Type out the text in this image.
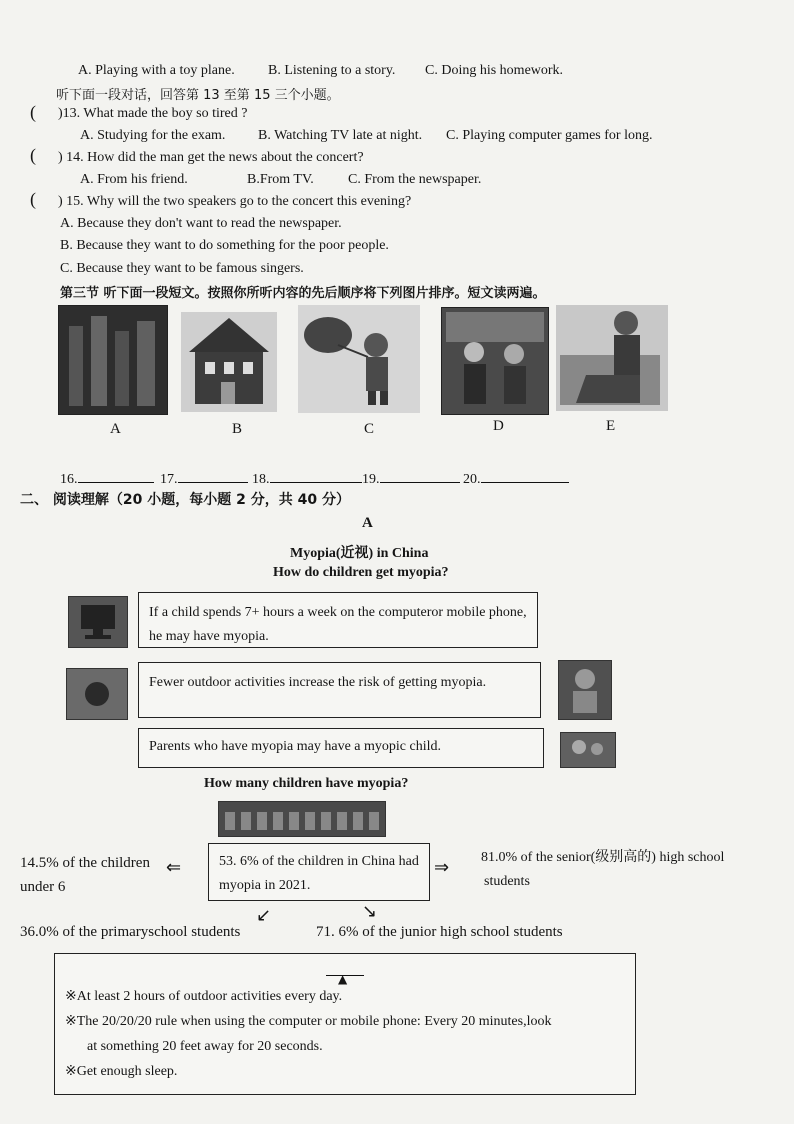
A. Playing with a toy plane. B. Listening to a story. C. Doing his homework.
听下面一段对话，回答第 13 至第 15 三个小题。
( )13. What made the boy so tired ?
A. Studying for the exam. B. Watching TV late at night. C. Playing computer games for long.
( ) 14. How did the man get the news about the concert?
A. From his friend.	B.From TV. C. From the newspaper.
( ) 15. Why will the two speakers go to the concert this evening?
A. Because they don't want to read the newspaper.
B. Because they want to do something for the poor people.
C. Because they want to be famous singers.
第三节 听下面一段短文。按照你所听内容的先后顺序将下列图片排序。短文读两遍。
A	B	C	D	E
16.	17.	18.	19.	20.
二、 阅读理解（20 小题，每小题 2 分，共 40 分）
A
Myopia(近视) in China
How do children get myopia?
If a child spends 7+ hours a week on the computeror mobile phone, he may have myopia.
Fewer outdoor activities increase the risk of getting myopia.
Parents who have myopia may have a myopic child.
How many children have myopia?
14.5% of the children under 6
⇐	53. 6% of the children in China had myopia in 2021.
⇒ 81.0% of the senior(级别高的) high school students
↙	↘
36.0% of the primaryschool students	71. 6% of the junior high school students
▲
※At least 2 hours of outdoor activities every day.
※The 20/20/20 rule when using the computer or mobile phone: Every 20 minutes,look
at something 20 feet away for 20 seconds.
※Get enough sleep.
